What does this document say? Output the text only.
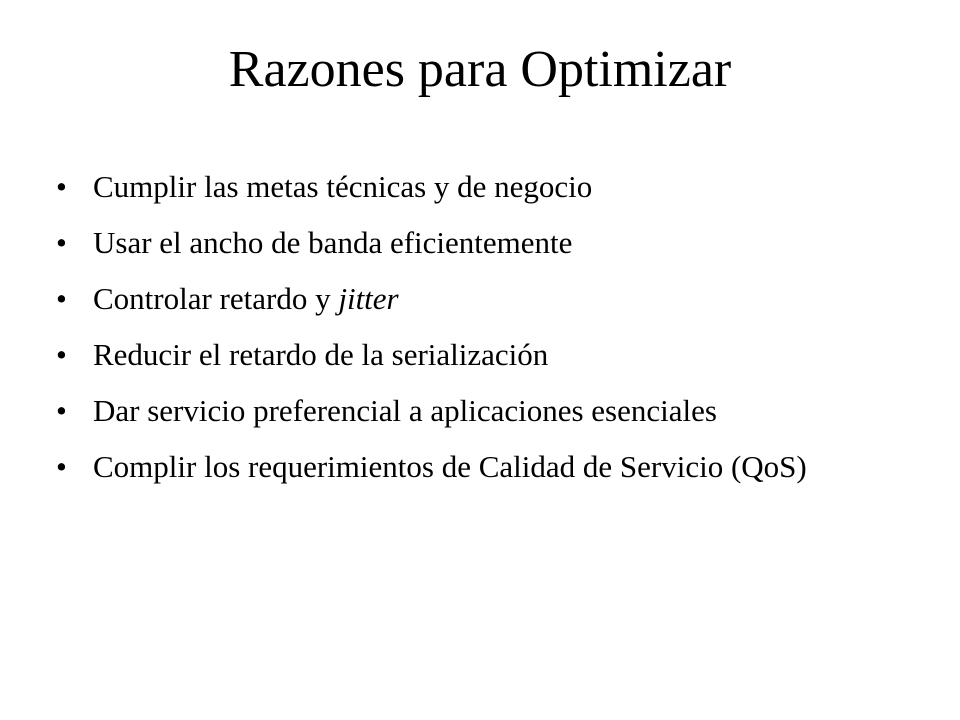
Razones para Optimizar
• Cumplir las metas técnicas y de negocio
• Usar el ancho de banda eficientemente
• Controlar retardo y jitter
• Reducir el retardo de la serialización
• Dar servicio preferencial a aplicaciones esenciales
• Complir los requerimientos de Calidad de Servicio (QoS)
